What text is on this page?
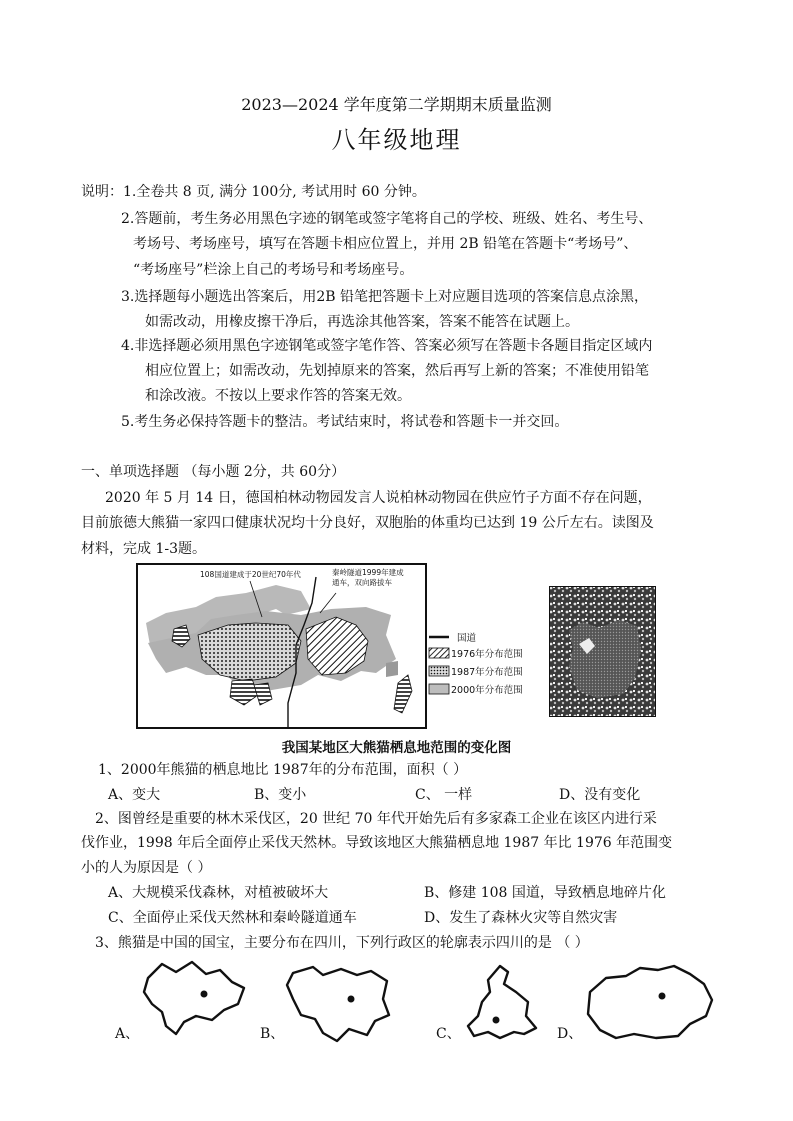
2023—2024 学年度第二学期期末质量监测
八年级地理
说明： 1.全卷共 8 页, 满分 100分, 考试用时 60 分钟。
2.答题前，考生务必用黑色字迹的钢笔或签字笔将自己的学校、班级、姓名、考生号、
考场号、考场座号，填写在答题卡相应位置上，并用 2B 铅笔在答题卡“考场号”、
“考场座号”栏涂上自己的考场号和考场座号。
3.选择题每小题选出答案后，用2B 铅笔把答题卡上对应题目选项的答案信息点涂黑，
如需改动，用橡皮擦干净后，再选涂其他答案，答案不能答在试题上。
4.非选择题必须用黑色字迹钢笔或签字笔作答、答案必须写在答题卡各题目指定区域内
相应位置上；如需改动，先划掉原来的答案，然后再写上新的答案；不准使用铅笔
和涂改液。不按以上要求作答的答案无效。
5.考生务必保持答题卡的整洁。考试结束时，将试卷和答题卡一并交回。
一、单项选择题 （每小题 2分，共 60分）
2020 年 5 月 14 日，德国柏林动物园发言人说柏林动物园在供应竹子方面不存在问题，
目前旅德大熊猫一家四口健康状况均十分良好，双胞胎的体重均已达到 19 公斤左右。读图及
材料，完成 1-3题。
108国道建成于20世纪70年代	秦岭隧道1999年建成
通车，双向路拔车
国道
1976年分布范围
1987年分布范围
2000年分布范围
我国某地区大熊猫栖息地范围的变化图
1、2000年熊猫的栖息地比 1987年的分布范围，面积（ ）
A、变大	B、变小	C、 一样	D、没有变化
2、图曾经是重要的林木采伐区，20 世纪 70 年代开始先后有多家森工企业在该区内进行采
伐作业，1998 年后全面停止采伐天然林。导致该地区大熊猫栖息地 1987 年比 1976 年范围变
小的人为原因是（ ）
A、大规模采伐森林，对植被破坏大	B、修建 108 国道，导致栖息地碎片化
C、全面停止采伐天然林和秦岭隧道通车	D、发生了森林火灾等自然灾害
3、熊猫是中国的国宝，主要分布在四川，下列行政区的轮廓表示四川的是 （ ）
A、	B、	C、	D、
